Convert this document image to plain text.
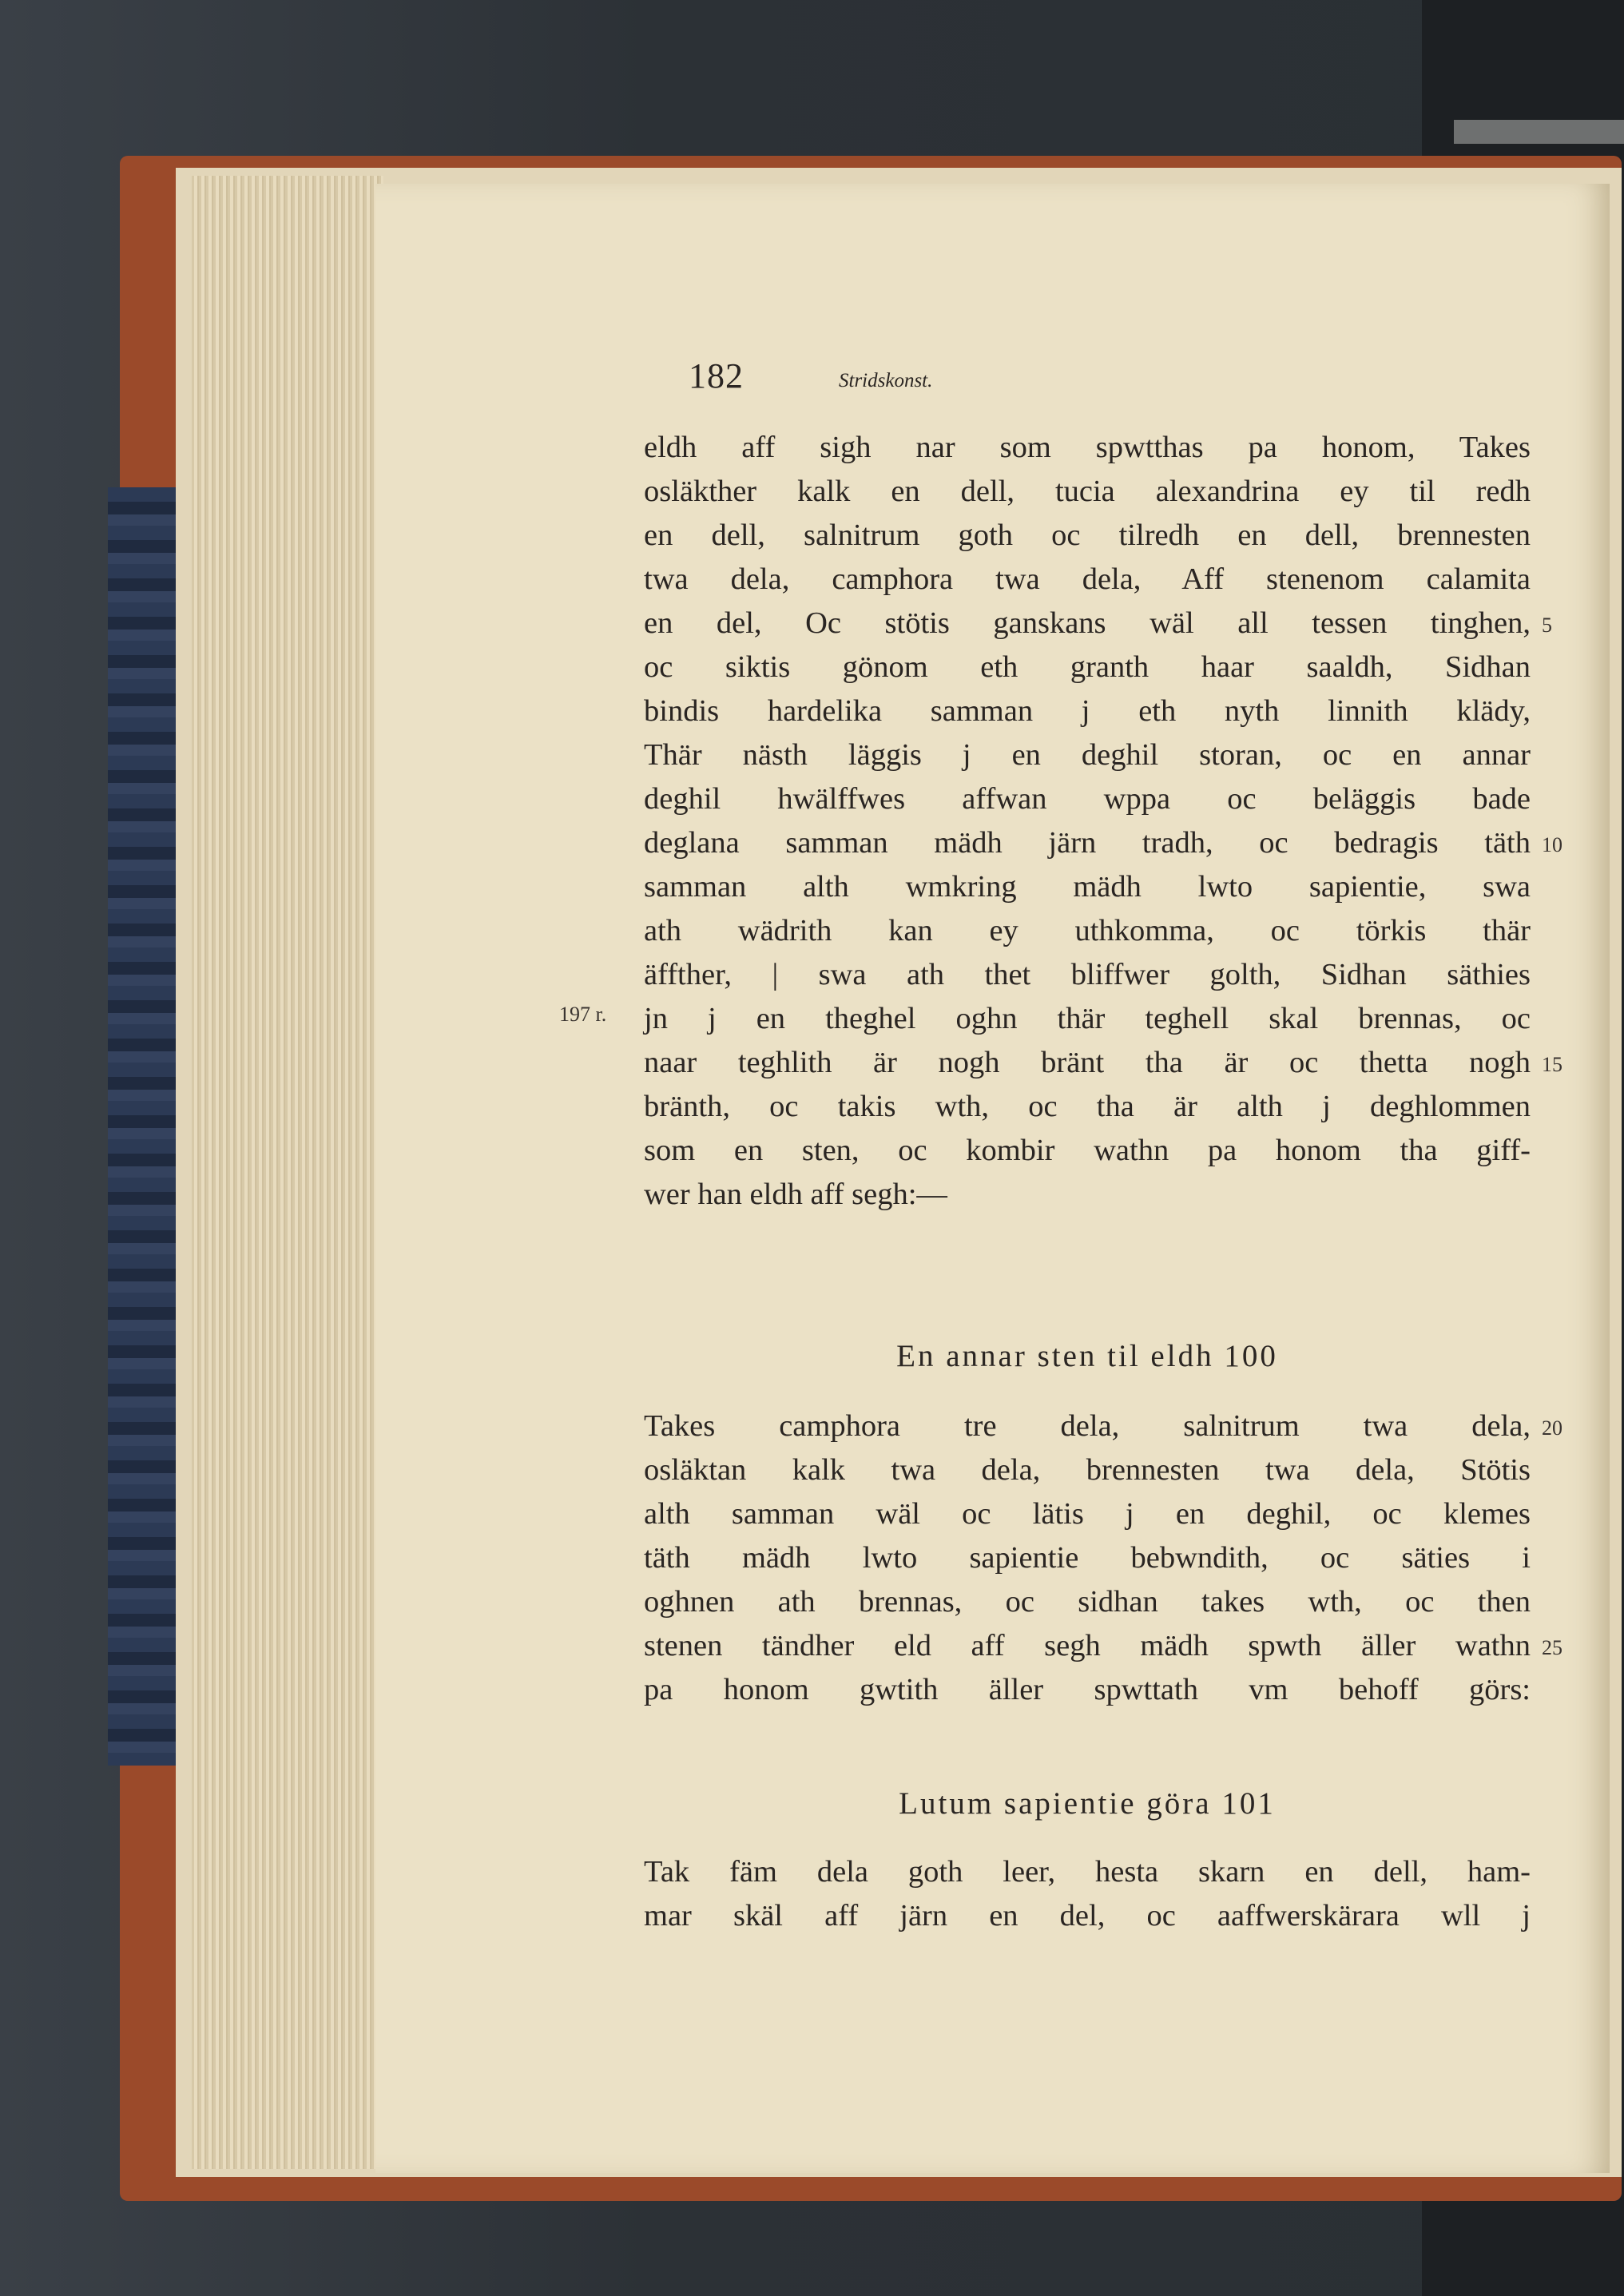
182	Stridskonst.
eldh aff sigh nar som spwtthas pa honom, Takes
osläkther kalk en dell, tucia alexandrina ey til redh
en dell, salnitrum goth oc tilredh en dell, brennesten
twa dela, camphora twa dela, Aff stenenom calamita
en del, Oc stötis ganskans wäl all tessen tinghen,
oc siktis gönom eth granth haar saaldh, Sidhan
bindis hardelika samman j eth nyth linnith klädy,
Thär nästh läggis j en deghil storan, oc en annar
deghil hwälffwes affwan wppa oc beläggis bade
deglana samman mädh järn tradh, oc bedragis täth
samman alth wmkring mädh lwto sapientie, swa
ath wädrith kan ey uthkomma, oc törkis thär
äffther, | swa ath thet bliffwer golth, Sidhan säthies
jn j en theghel oghn thär teghell skal brennas, oc
naar teghlith är nogh bränt tha är oc thetta nogh
bränth, oc takis wth, oc tha är alth j deghlommen
som en sten, oc kombir wathn pa honom tha giff-
wer han eldh aff segh:—
En annar sten til eldh 100
Takes camphora tre dela, salnitrum twa dela,
osläktan kalk twa dela, brennesten twa dela, Stötis
alth samman wäl oc lätis j en deghil, oc klemes
täth mädh lwto sapientie bebwndith, oc säties i
oghnen ath brennas, oc sidhan takes wth, oc then
stenen tändher eld aff segh mädh spwth äller wathn
pa honom gwtith äller spwttath vm behoff görs:
Lutum sapientie göra 101
Tak fäm dela goth leer, hesta skarn en dell, ham-
mar skäl aff järn en del, oc aaffwerskärara wll j
197 r.
5
10
15
20
25
